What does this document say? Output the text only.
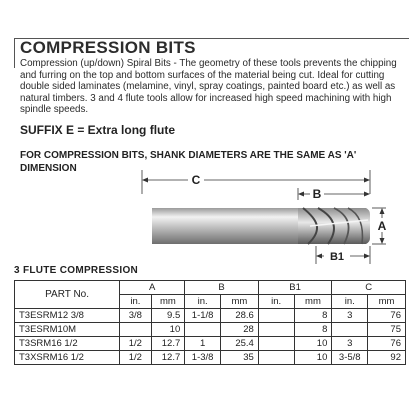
COMPRESSION BITS

Compression (up/down) Spiral Bits - The geometry of these tools prevents the chipping and furring on the top and bottom surfaces of the material being cut. Ideal for cutting double sided laminates (melamine, vinyl, spray coatings, painted board etc.) as well as natural timbers. 3 and 4 flute tools allow for increased high speed machining with high spindle speeds.

SUFFIX E = Extra long flute

FOR COMPRESSION BITS, SHANK DIAMETERS ARE THE SAME AS 'A' DIMENSION

C
B
A
B1
3 FLUTE COMPRESSION
PART No.	A		B		B1		C	
	in.	mm	in.	mm	in.	mm	in.	mm
T3ESRM12 3/8	3/8	9.5	1-1/8	28.6		8	3	76
T3ESRM10M		10		28		8		75
T3SRM16 1/2	1/2	12.7	1	25.4		10	3	76
T3XSRM16 1/2	1/2	12.7	1-3/8	35		10	3-5/8	92
